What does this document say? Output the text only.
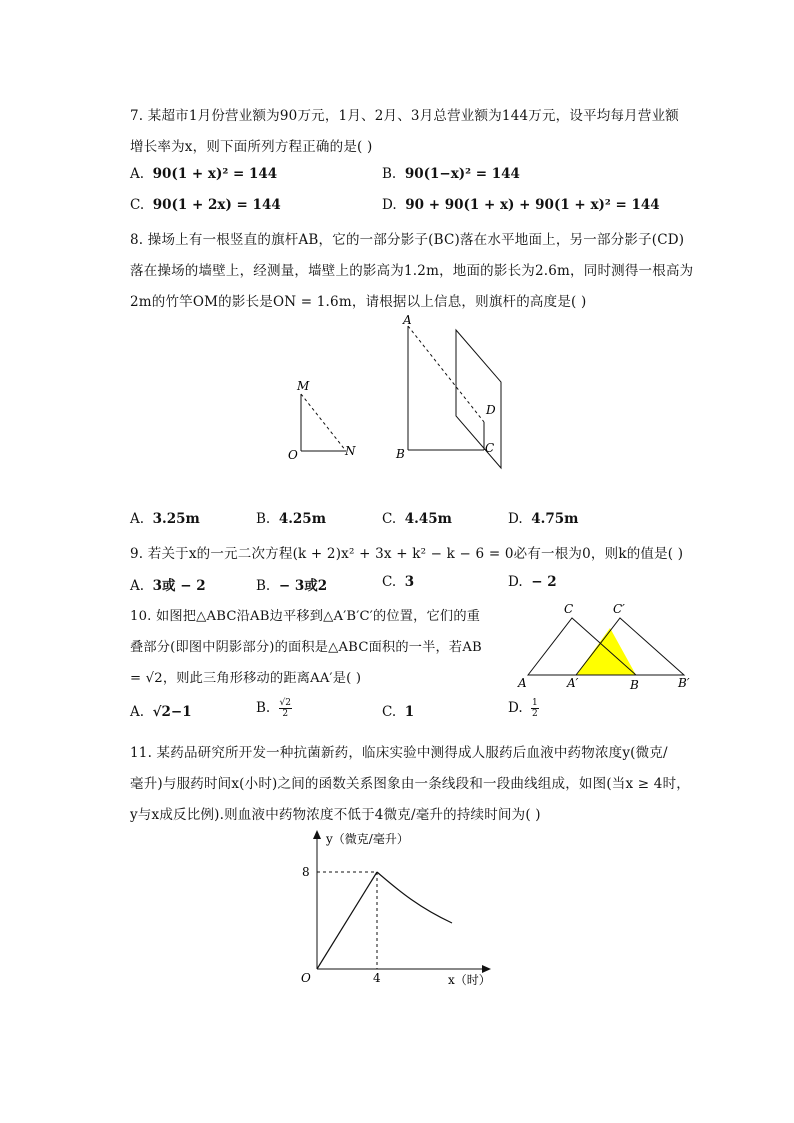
7. 某超市1月份营业额为90万元，1月、2月、3月总营业额为144万元，设平均每月营业额
增长率为x，则下面所列方程正确的是( )
A. 90(1 + x)² = 144	B. 90(1−x)² = 144
C. 90(1 + 2x) = 144	D. 90 + 90(1 + x) + 90(1 + x)² = 144
8. 操场上有一根竖直的旗杆AB，它的一部分影子(BC)落在水平地面上，另一部分影子(CD)
落在操场的墙壁上，经测量，墙壁上的影高为1.2m，地面的影长为2.6m，同时测得一根高为
2m的竹竿OM的影长是ON = 1.6m，请根据以上信息，则旗杆的高度是( )
M
O	N
A
B	C
D
A. 3.25m	B. 4.25m	C. 4.45m	D. 4.75m
9. 若关于x的一元二次方程(k + 2)x² + 3x + k² − k − 6 = 0必有一根为0，则k的值是( )
A. 3或 − 2	B. − 3或2	C. 3	D. − 2
10. 如图把△ABC沿AB边平移到△A′B′C′的位置，它们的重
叠部分(即图中阴影部分)的面积是△ABC面积的一半，若AB
= √2，则此三角形移动的距离AA′是( )
C	C′
A	A′	B	B′
A. √2−1	B. $\frac{√2}{2}$	C. 1	D. $\frac{1}{2}$
11. 某药品研究所开发一种抗菌新药，临床实验中测得成人服药后血液中药物浓度y(微克/
毫升)与服药时间x(小时)之间的函数关系图象由一条线段和一段曲线组成，如图(当x ≥ 4时，
y与x成反比例).则血液中药物浓度不低于4微克/毫升的持续时间为( )
y（微克/毫升）
x（时）
O
8
4
